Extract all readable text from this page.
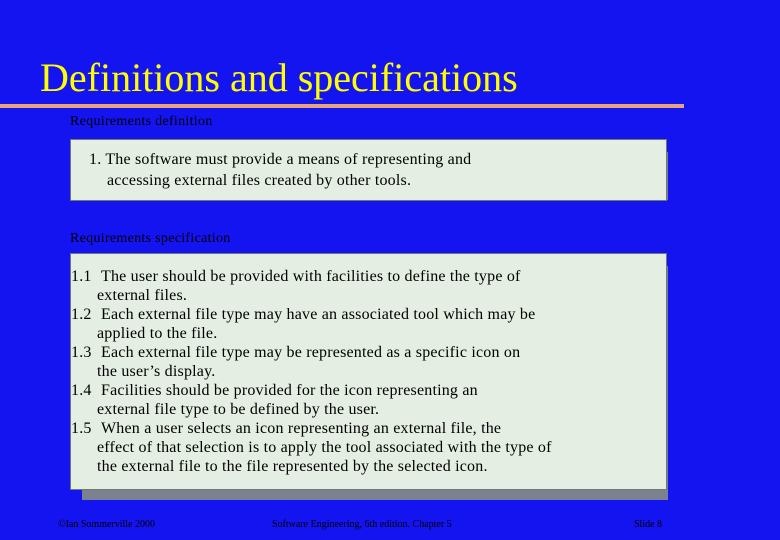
Definitions and specifications
Requirements definition
1. The software must provide a means of representing and
accessing external files created by other tools.
Requirements specification
1.1 The user should be provided with facilities to define the type of
external files.
1.2 Each external file type may have an associated tool which may be
applied to the file.
1.3 Each external file type may be represented as a specific icon on
the user’s display.
1.4 Facilities should be provided for the icon representing an
external file type to be defined by the user.
1.5 When a user selects an icon representing an external file, the
effect of that selection is to apply the tool associated with the type of
the external file to the file represented by the selected icon.
©Ian Sommerville 2000	Software Engineering, 6th edition. Chapter 5	Slide 8
